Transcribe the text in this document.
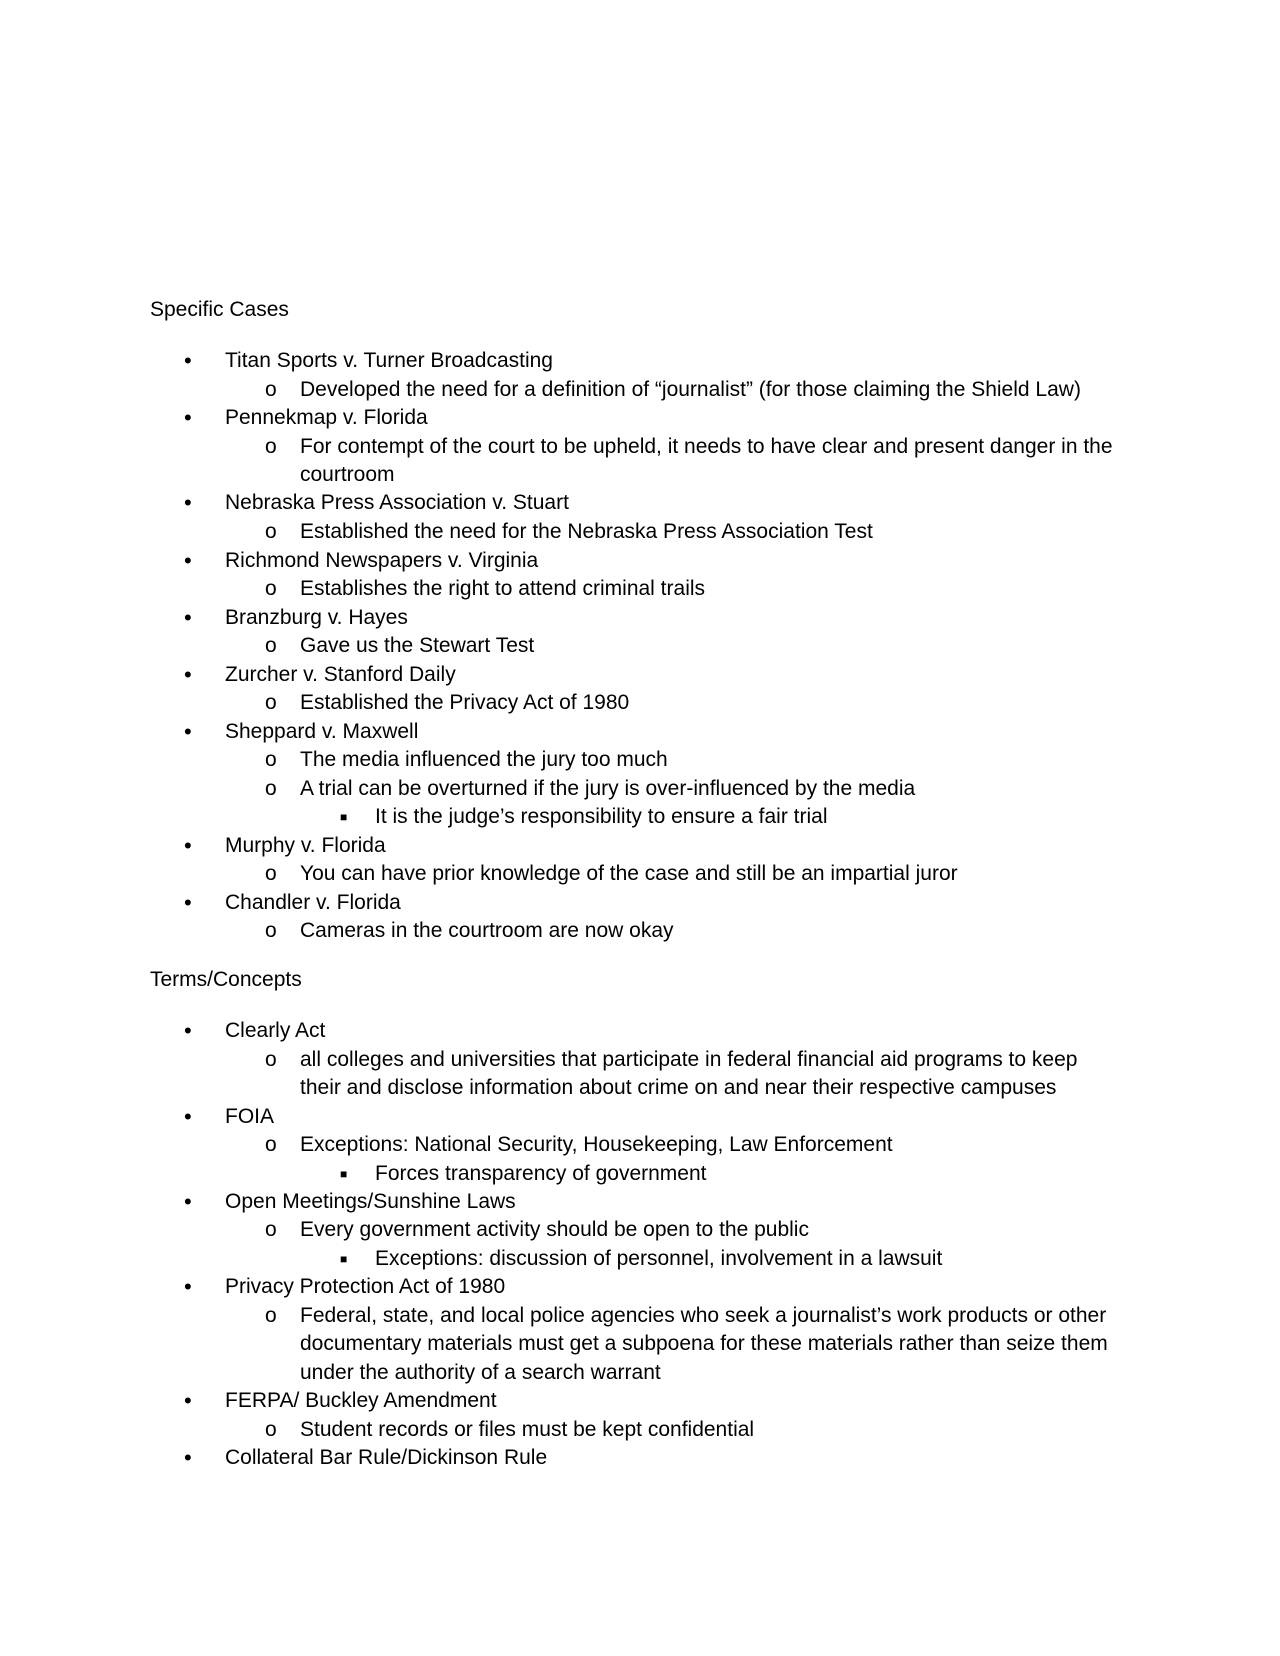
Specific Cases
• Titan Sports v. Turner Broadcasting
o Developed the need for a definition of “journalist” (for those claiming the Shield Law)
• Pennekmap v. Florida
o For contempt of the court to be upheld, it needs to have clear and present danger in the
courtroom
• Nebraska Press Association v. Stuart
o Established the need for the Nebraska Press Association Test
• Richmond Newspapers v. Virginia
o Establishes the right to attend criminal trails
• Branzburg v. Hayes
o Gave us the Stewart Test
• Zurcher v. Stanford Daily
o Established the Privacy Act of 1980
• Sheppard v. Maxwell
o The media influenced the jury too much
o A trial can be overturned if the jury is over-influenced by the media
■ It is the judge’s responsibility to ensure a fair trial
• Murphy v. Florida
o You can have prior knowledge of the case and still be an impartial juror
• Chandler v. Florida
o Cameras in the courtroom are now okay
Terms/Concepts
• Clearly Act
o all colleges and universities that participate in federal financial aid programs to keep
their and disclose information about crime on and near their respective campuses
• FOIA
o Exceptions: National Security, Housekeeping, Law Enforcement
■ Forces transparency of government
• Open Meetings/Sunshine Laws
o Every government activity should be open to the public
■ Exceptions: discussion of personnel, involvement in a lawsuit
• Privacy Protection Act of 1980
o Federal, state, and local police agencies who seek a journalist’s work products or other
documentary materials must get a subpoena for these materials rather than seize them
under the authority of a search warrant
• FERPA/ Buckley Amendment
o Student records or files must be kept confidential
• Collateral Bar Rule/Dickinson Rule
